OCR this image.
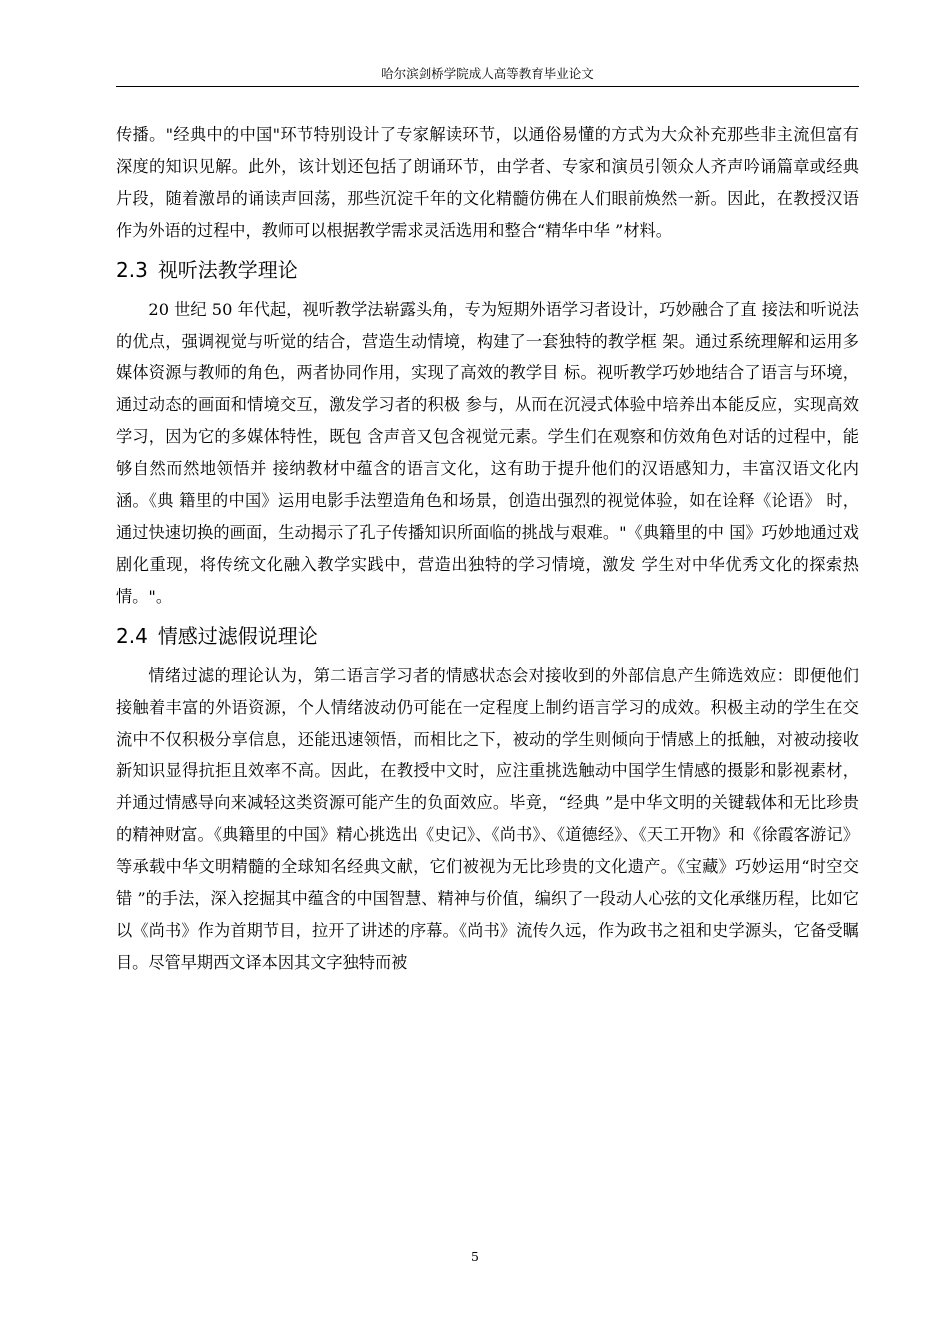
哈尔滨剑桥学院成人高等教育毕业论文

传播。"经典中的中国"环节特别设计了专家解读环节，以通俗易懂的方式为大众补充那些非主流但富有深度的知识见解。此外，该计划还包括了朗诵环节，由学者、专家和演员引领众人齐声吟诵篇章或经典片段，随着激昂的诵读声回荡，那些沉淀千年的文化精髓仿佛在人们眼前焕然一新。因此，在教授汉语作为外语的过程中，教师可以根据教学需求灵活选用和整合“精华中华 ”材料。

2.3 视听法教学理论

20 世纪 50 年代起，视听教学法崭露头角，专为短期外语学习者设计，巧妙融合了直 接法和听说法的优点，强调视觉与听觉的结合，营造生动情境，构建了一套独特的教学框 架。通过系统理解和运用多媒体资源与教师的角色，两者协同作用，实现了高效的教学目 标。视听教学巧妙地结合了语言与环境，通过动态的画面和情境交互，激发学习者的积极 参与，从而在沉浸式体验中培养出本能反应，实现高效学习，因为它的多媒体特性，既包 含声音又包含视觉元素。学生们在观察和仿效角色对话的过程中，能够自然而然地领悟并 接纳教材中蕴含的语言文化，这有助于提升他们的汉语感知力，丰富汉语文化内涵。《典 籍里的中国》运用电影手法塑造角色和场景，创造出强烈的视觉体验，如在诠释《论语》 时，通过快速切换的画面，生动揭示了孔子传播知识所面临的挑战与艰难。"《典籍里的中 国》巧妙地通过戏剧化重现，将传统文化融入教学实践中，营造出独特的学习情境，激发 学生对中华优秀文化的探索热情。"。

2.4 情感过滤假说理论

情绪过滤的理论认为，第二语言学习者的情感状态会对接收到的外部信息产生筛选效应：即便他们接触着丰富的外语资源，个人情绪波动仍可能在一定程度上制约语言学习的成效。积极主动的学生在交流中不仅积极分享信息，还能迅速领悟，而相比之下，被动的学生则倾向于情感上的抵触，对被动接收新知识显得抗拒且效率不高。因此，在教授中文时，应注重挑选触动中国学生情感的摄影和影视素材，并通过情感导向来减轻这类资源可能产生的负面效应。毕竟，“经典 ”是中华文明的关键载体和无比珍贵的精神财富。《典籍里的中国》精心挑选出《史记》、《尚书》、《道德经》、《天工开物》和《徐霞客游记》等承载中华文明精髓的全球知名经典文献，它们被视为无比珍贵的文化遗产。《宝藏》巧妙运用“时空交错 ”的手法，深入挖掘其中蕴含的中国智慧、精神与价值，编织了一段动人心弦的文化承继历程，比如它以《尚书》作为首期节目，拉开了讲述的序幕。《尚书》流传久远，作为政书之祖和史学源头，它备受瞩目。尽管早期西文译本因其文字独特而被

5
